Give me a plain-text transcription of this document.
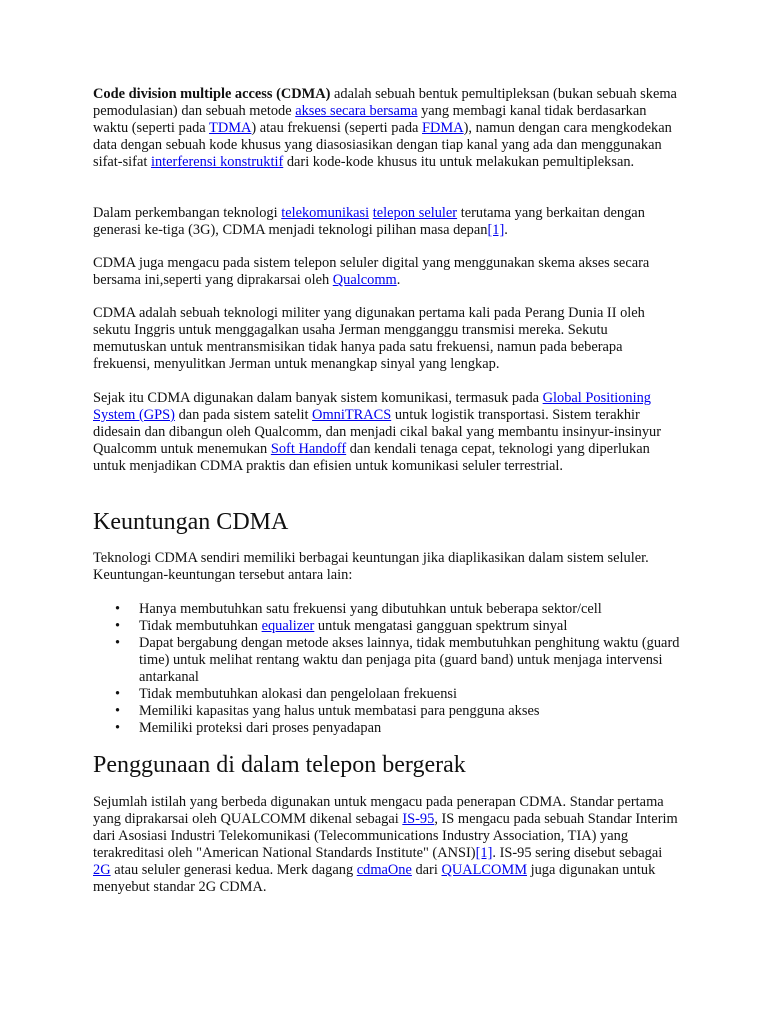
Code division multiple access (CDMA) adalah sebuah bentuk pemultipleksan (bukan sebuah skema pemodulasian) dan sebuah metode akses secara bersama yang membagi kanal tidak berdasarkan waktu (seperti pada TDMA) atau frekuensi (seperti pada FDMA), namun dengan cara mengkodekan data dengan sebuah kode khusus yang diasosiasikan dengan tiap kanal yang ada dan menggunakan sifat-sifat interferensi konstruktif dari kode-kode khusus itu untuk melakukan pemultipleksan.

Dalam perkembangan teknologi telekomunikasi telepon seluler terutama yang berkaitan dengan generasi ke-tiga (3G), CDMA menjadi teknologi pilihan masa depan[1].

CDMA juga mengacu pada sistem telepon seluler digital yang menggunakan skema akses secara bersama ini,seperti yang diprakarsai oleh Qualcomm.

CDMA adalah sebuah teknologi militer yang digunakan pertama kali pada Perang Dunia II oleh sekutu Inggris untuk menggagalkan usaha Jerman mengganggu transmisi mereka. Sekutu memutuskan untuk mentransmisikan tidak hanya pada satu frekuensi, namun pada beberapa frekuensi, menyulitkan Jerman untuk menangkap sinyal yang lengkap.

Sejak itu CDMA digunakan dalam banyak sistem komunikasi, termasuk pada Global Positioning System (GPS) dan pada sistem satelit OmniTRACS untuk logistik transportasi. Sistem terakhir didesain dan dibangun oleh Qualcomm, dan menjadi cikal bakal yang membantu insinyur-insinyur Qualcomm untuk menemukan Soft Handoff dan kendali tenaga cepat, teknologi yang diperlukan untuk menjadikan CDMA praktis dan efisien untuk komunikasi seluler terrestrial.

Keuntungan CDMA

Teknologi CDMA sendiri memiliki berbagai keuntungan jika diaplikasikan dalam sistem seluler. Keuntungan-keuntungan tersebut antara lain:

• Hanya membutuhkan satu frekuensi yang dibutuhkan untuk beberapa sektor/cell
• Tidak membutuhkan equalizer untuk mengatasi gangguan spektrum sinyal
• Dapat bergabung dengan metode akses lainnya, tidak membutuhkan penghitung waktu (guard time) untuk melihat rentang waktu dan penjaga pita (guard band) untuk menjaga intervensi antarkanal
• Tidak membutuhkan alokasi dan pengelolaan frekuensi
• Memiliki kapasitas yang halus untuk membatasi para pengguna akses
• Memiliki proteksi dari proses penyadapan
Penggunaan di dalam telepon bergerak

Sejumlah istilah yang berbeda digunakan untuk mengacu pada penerapan CDMA. Standar pertama yang diprakarsai oleh QUALCOMM dikenal sebagai IS-95, IS mengacu pada sebuah Standar Interim dari Asosiasi Industri Telekomunikasi (Telecommunications Industry Association, TIA) yang terakreditasi oleh "American National Standards Institute" (ANSI)[1]. IS-95 sering disebut sebagai 2G atau seluler generasi kedua. Merk dagang cdmaOne dari QUALCOMM juga digunakan untuk menyebut standar 2G CDMA.
